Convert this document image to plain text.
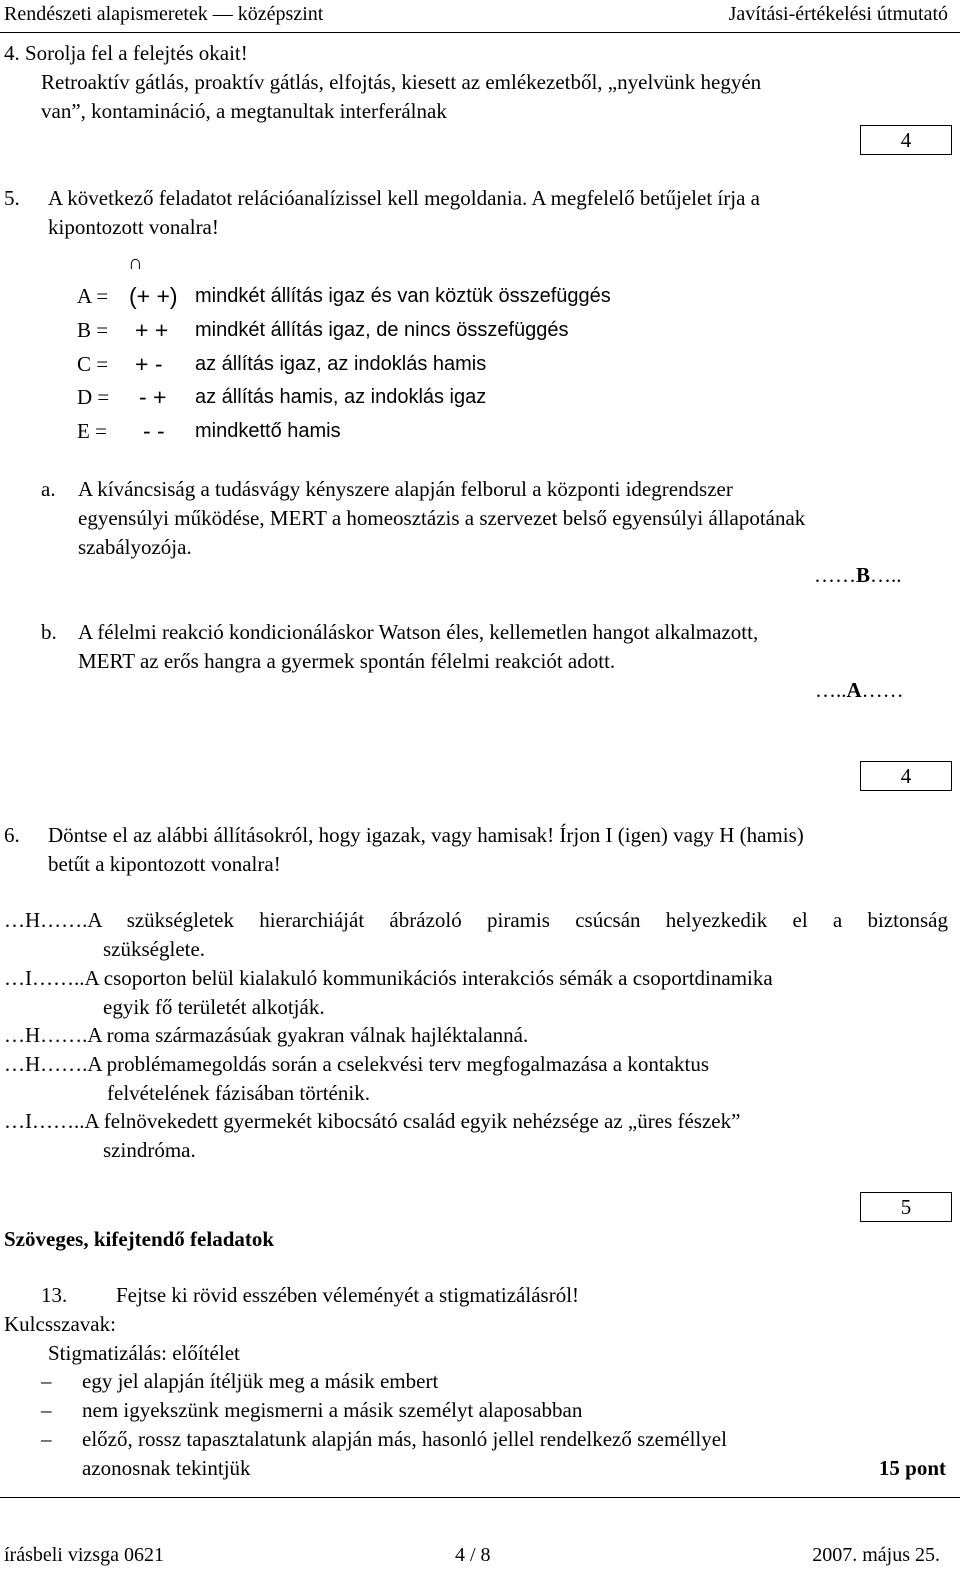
Rendészeti alapismeretek — középszint	Javítási-értékelési útmutató
4. Sorolja fel a felejtés okait!
Retroaktív gátlás, proaktív gátlás, elfojtás, kiesett az emlékezetből, „nyelvünk hegyén
van”, kontamináció, a megtanultak interferálnak
4
5. A következő feladatot relációanalízissel kell megoldania. A megfelelő betűjelet írja a
kipontozott vonalra!
∩
A = (+ +) mindkét állítás igaz és van köztük összefüggés
B =	+ + mindkét állítás igaz, de nincs összefüggés
C =	+ - az állítás igaz, az indoklás hamis
D =	- + az állítás hamis, az indoklás igaz
E =	- - mindkettő hamis
a. A kíváncsiság a tudásvágy kényszere alapján felborul a központi idegrendszer
egyensúlyi működése, MERT a homeosztázis a szervezet belső egyensúlyi állapotának
szabályozója.
……B…..
b. A félelmi reakció kondicionáláskor Watson éles, kellemetlen hangot alkalmazott,
MERT az erős hangra a gyermek spontán félelmi reakciót adott.
…..A……
4
6. Döntse el az alábbi állításokról, hogy igazak, vagy hamisak! Írjon I (igen) vagy H (hamis)
betűt a kipontozott vonalra!
…H…….A szükségletek hierarchiáját ábrázoló piramis csúcsán helyezkedik el a biztonság
szükséglete.
…I……..A csoporton belül kialakuló kommunikációs interakciós sémák a csoportdinamika
egyik fő területét alkotják.
…H…….A roma származásúak gyakran válnak hajléktalanná.
…H…….A problémamegoldás során a cselekvési terv megfogalmazása a kontaktus
felvételének fázisában történik.
…I……..A felnövekedett gyermekét kibocsátó család egyik nehézsége az „üres fészek”
szindróma.
5
Szöveges, kifejtendő feladatok
13. Fejtse ki rövid esszében véleményét a stigmatizálásról!
Kulcsszavak:
Stigmatizálás: előítélet
– egy jel alapján ítéljük meg a másik embert
– nem igyekszünk megismerni a másik személyt alaposabban
– előző, rossz tapasztalatunk alapján más, hasonló jellel rendelkező személlyel
azonosnak tekintjük	15 pont
írásbeli vizsga 0621	4 / 8	2007. május 25.
